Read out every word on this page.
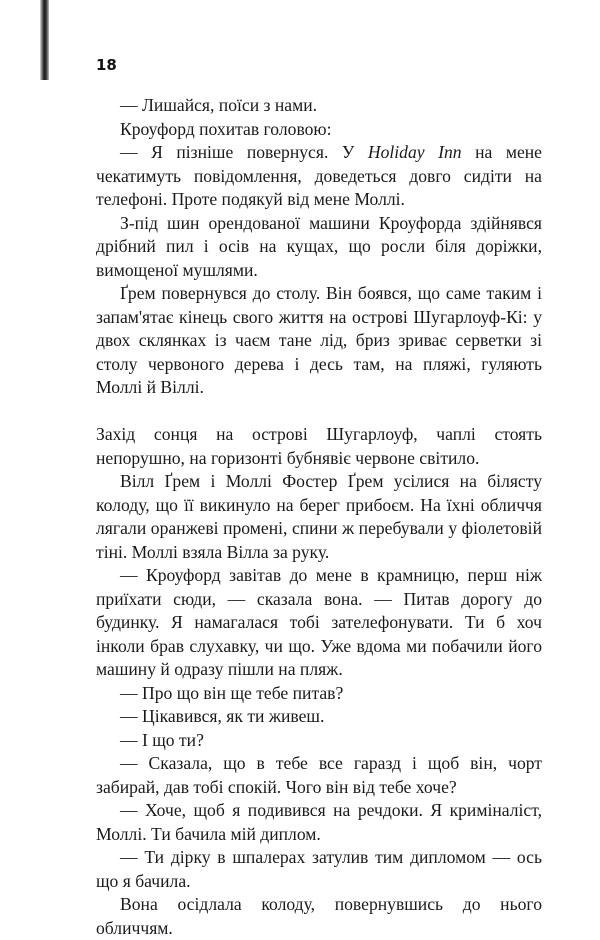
18

— Лишайся, поїси з нами.

Кроуфорд похитав головою:

— Я пізніше повернуся. У Holiday Inn на мене чекатимуть повідомлення, доведеться довго сидіти на телефоні. Проте подякуй від мене Моллі.

З-під шин орендованої машини Кроуфорда здійнявся дрібний пил і осів на кущах, що росли біля доріжки, вимощеної мушлями.

Ґрем повернувся до столу. Він боявся, що саме таким і запам'ятає кінець свого життя на острові Шугарлоуф-Кі: у двох склянках із чаєм тане лід, бриз зриває серветки зі столу червоного дерева і десь там, на пляжі, гуляють Моллі й Віллі.

Захід сонця на острові Шугарлоуф, чаплі стоять непорушно, на горизонті бубнявіє червоне світило.

Вілл Ґрем і Моллі Фостер Ґрем усілися на білясту колоду, що її викинуло на берег прибоєм. На їхні обличчя лягали оранжеві промені, спини ж перебували у фіолетовій тіні. Моллі взяла Вілла за руку.

— Кроуфорд завітав до мене в крамницю, перш ніж приїхати сюди, — сказала вона. — Питав дорогу до будинку. Я намагалася тобі зателефонувати. Ти б хоч інколи брав слухавку, чи що. Уже вдома ми побачили його машину й одразу пішли на пляж.

— Про що він ще тебе питав?

— Цікавився, як ти живеш.

— І що ти?

— Сказала, що в тебе все гаразд і щоб він, чорт забирай, дав тобі спокій. Чого він від тебе хоче?

— Хоче, щоб я подивився на речдоки. Я криміналіст, Моллі. Ти бачила мій диплом.

— Ти дірку в шпалерах затулив тим дипломом — ось що я бачила.

Вона осідлала колоду, повернувшись до нього обличчям.
